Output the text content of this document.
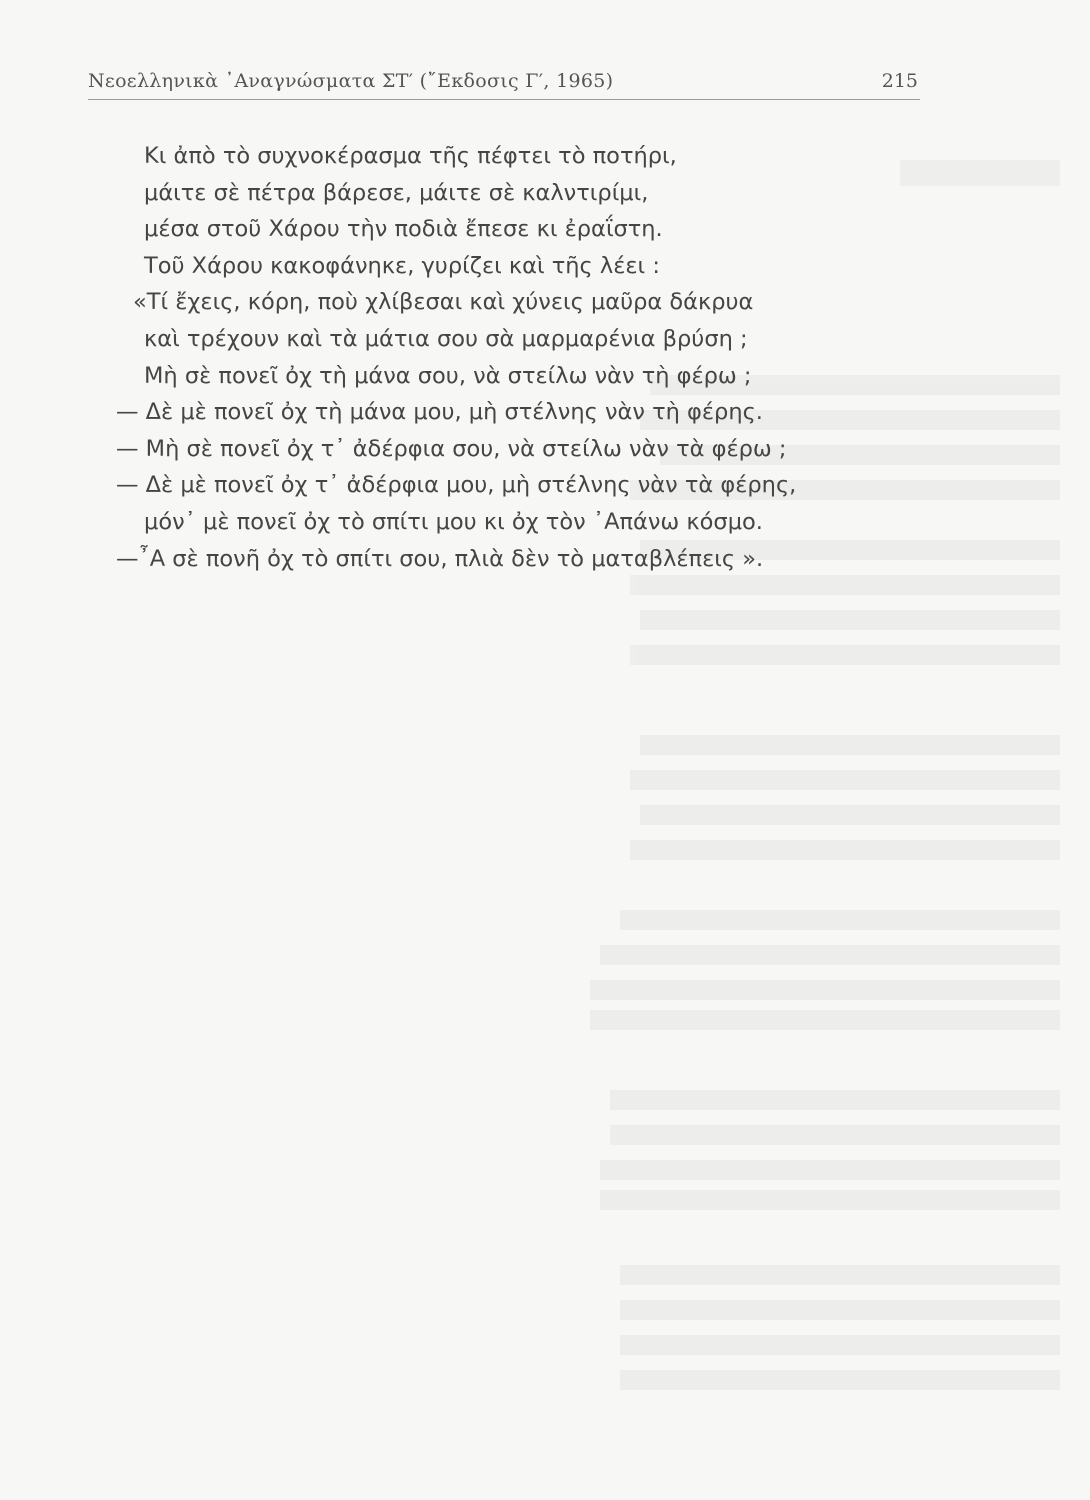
Νεοελληνικὰ ᾿Αναγνώσματα ΣΤ′ (῎Εκδοσις Γ′, 1965)	215
Κι ἀπὸ τὸ συχνοκέρασμα τῆς πέφτει τὸ ποτήρι,
μάιτε σὲ πέτρα βάρεσε, μάιτε σὲ καλντιρίμι,
μέσα στοῦ Χάρου τὴν ποδιὰ ἔπεσε κι ἐραΐστη.
Τοῦ Χάρου κακοφάνηκε, γυρίζει καὶ τῆς λέει :
«Τί ἔχεις, κόρη, ποὺ χλίβεσαι καὶ χύνεις μαῦρα δάκρυα
καὶ τρέχουν καὶ τὰ μάτια σου σὰ μαρμαρένια βρύση ;
Μὴ σὲ πονεῖ ὀχ τὴ μάνα σου, νὰ στείλω νὰν τὴ φέρω ;
— Δὲ μὲ πονεῖ ὀχ τὴ μάνα μου, μὴ στέλνης νὰν τὴ φέρης.
— Μὴ σὲ πονεῖ ὀχ τ᾿ ἀδέρφια σου, νὰ στείλω νὰν τὰ φέρω ;
— Δὲ μὲ πονεῖ ὀχ τ᾿ ἀδέρφια μου, μὴ στέλνης νὰν τὰ φέρης,
μόν᾿ μὲ πονεῖ ὀχ τὸ σπίτι μου κι ὀχ τὸν ᾿Απάνω κόσμο.
—῏Α σὲ πονῆ ὀχ τὸ σπίτι σου, πλιὰ δὲν τὸ ματαβλέπεις ».
